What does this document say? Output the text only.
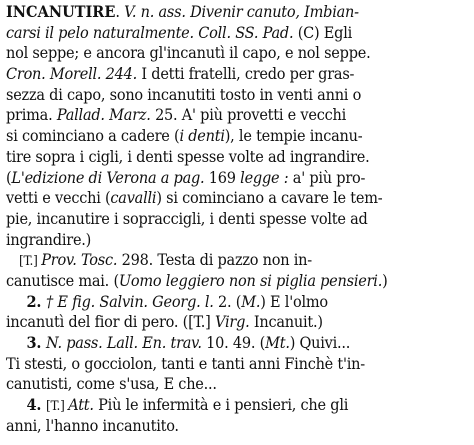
INCANUTIRE. V. n. ass. Divenir canuto, Imbian-
carsi il pelo naturalmente. Coll. SS. Pad. (C) Egli
nol seppe; e ancora gl'incanutì il capo, e nol seppe.
Cron. Morell. 244. I detti fratelli, credo per gras-
sezza di capo, sono incanutiti tosto in venti anni o
prima. Pallad. Marz. 25. A' più provetti e vecchi
si cominciano a cadere (i denti), le tempie incanu-
tire sopra i cigli, i denti spesse volte ad ingrandire.
(L'edizione di Verona a pag. 169 legge : a' più pro-
vetti e vecchi (cavalli) si cominciano a cavare le tem-
pie, incanutire i sopraccigli, i denti spesse volte ad
ingrandire.)
[T.] Prov. Tosc. 298. Testa di pazzo non in-
canutisce mai. (Uomo leggiero non si piglia pensieri.)
2. † E fig. Salvin. Georg. l. 2. (M.) E l'olmo
incanutì del fior di pero. ([T.] Virg. Incanuit.)
3. N. pass. Lall. En. trav. 10. 49. (Mt.) Quivi...
Ti stesti, o gocciolon, tanti e tanti anni Finchè t'in-
canutisti, come s'usa, E che...
4. [T.] Att. Più le infermità e i pensieri, che gli
anni, l'hanno incanutito.
